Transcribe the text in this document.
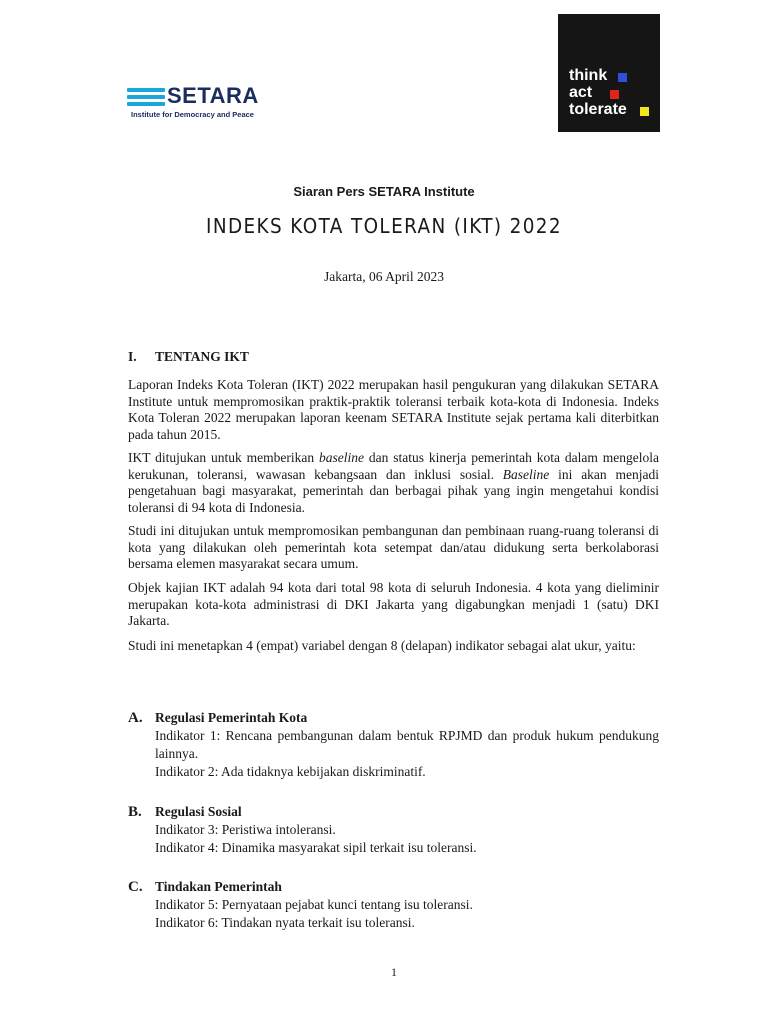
SETARA
Institute for Democracy and Peace
think
act
tolerate
Siaran Pers SETARA Institute
INDEKS KOTA TOLERAN (IKT) 2022
Jakarta, 06 April 2023
I. TENTANG IKT

Laporan Indeks Kota Toleran (IKT) 2022 merupakan hasil pengukuran yang dilakukan SETARA Institute untuk mempromosikan praktik-praktik toleransi terbaik kota-kota di Indonesia. Indeks Kota Toleran 2022 merupakan laporan keenam SETARA Institute sejak pertama kali diterbitkan pada tahun 2015.

IKT ditujukan untuk memberikan baseline dan status kinerja pemerintah kota dalam mengelola kerukunan, toleransi, wawasan kebangsaan dan inklusi sosial. Baseline ini akan menjadi pengetahuan bagi masyarakat, pemerintah dan berbagai pihak yang ingin mengetahui kondisi toleransi di 94 kota di Indonesia.

Studi ini ditujukan untuk mempromosikan pembangunan dan pembinaan ruang-ruang toleransi di kota yang dilakukan oleh pemerintah kota setempat dan/atau didukung serta berkolaborasi bersama elemen masyarakat secara umum.

Objek kajian IKT adalah 94 kota dari total 98 kota di seluruh Indonesia. 4 kota yang dieliminir merupakan kota-kota administrasi di DKI Jakarta yang digabungkan menjadi 1 (satu) DKI Jakarta.

Studi ini menetapkan 4 (empat) variabel dengan 8 (delapan) indikator sebagai alat ukur, yaitu:

A. Regulasi Pemerintah Kota
Indikator 1: Rencana pembangunan dalam bentuk RPJMD dan produk hukum pendukung lainnya.
Indikator 2: Ada tidaknya kebijakan diskriminatif.
B. Regulasi Sosial
Indikator 3: Peristiwa intoleransi.
Indikator 4: Dinamika masyarakat sipil terkait isu toleransi.
C. Tindakan Pemerintah
Indikator 5: Pernyataan pejabat kunci tentang isu toleransi.
Indikator 6: Tindakan nyata terkait isu toleransi.
1
